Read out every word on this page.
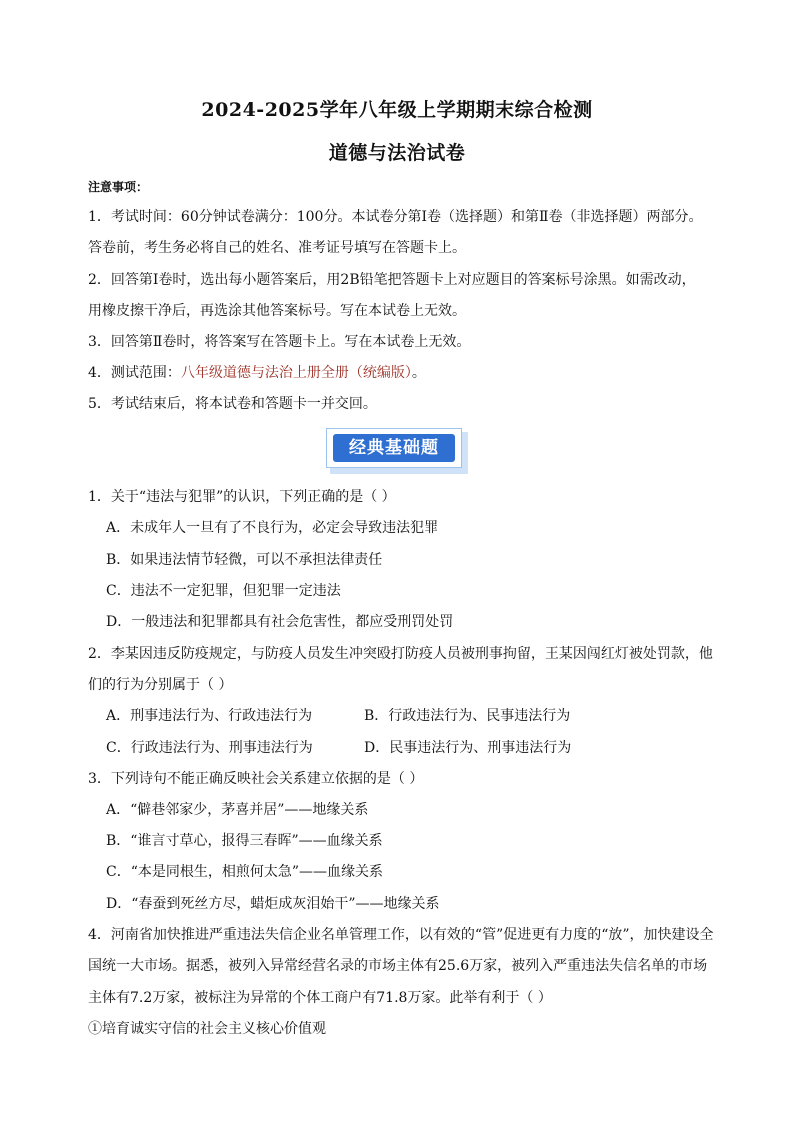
2024-2025学年八年级上学期期末综合检测
道德与法治试卷
注意事项：
1．考试时间：60分钟试卷满分：100分。本试卷分第Ⅰ卷（选择题）和第Ⅱ卷（非选择题）两部分。
答卷前，考生务必将自己的姓名、准考证号填写在答题卡上。
2．回答第Ⅰ卷时，选出每小题答案后，用2B铅笔把答题卡上对应题目的答案标号涂黑。如需改动，
用橡皮擦干净后，再选涂其他答案标号。写在本试卷上无效。
3．回答第Ⅱ卷时，将答案写在答题卡上。写在本试卷上无效。
4．测试范围：八年级道德与法治上册全册（统编版）。
5．考试结束后，将本试卷和答题卡一并交回。
经典基础题
1．关于“违法与犯罪”的认识，下列正确的是（ ）
A．未成年人一旦有了不良行为，必定会导致违法犯罪
B．如果违法情节轻微，可以不承担法律责任
C．违法不一定犯罪，但犯罪一定违法
D．一般违法和犯罪都具有社会危害性，都应受刑罚处罚
2．李某因违反防疫规定，与防疫人员发生冲突殴打防疫人员被刑事拘留，王某因闯红灯被处罚款，他
们的行为分别属于（ ）
A．刑事违法行为、行政违法行为	B．行政违法行为、民事违法行为
C．行政违法行为、刑事违法行为	D．民事违法行为、刑事违法行为
3．下列诗句不能正确反映社会关系建立依据的是（ ）
A．“僻巷邻家少，茅喜并居”——地缘关系
B．“谁言寸草心，报得三春晖”——血缘关系
C．“本是同根生，相煎何太急”——血缘关系
D．“春蚕到死丝方尽，蜡炬成灰泪始干”——地缘关系
4．河南省加快推进严重违法失信企业名单管理工作，以有效的“管”促进更有力度的“放”，加快建设全
国统一大市场。据悉，被列入异常经营名录的市场主体有25.6万家，被列入严重违法失信名单的市场
主体有7.2万家，被标注为异常的个体工商户有71.8万家。此举有利于（ ）
①培育诚实守信的社会主义核心价值观
